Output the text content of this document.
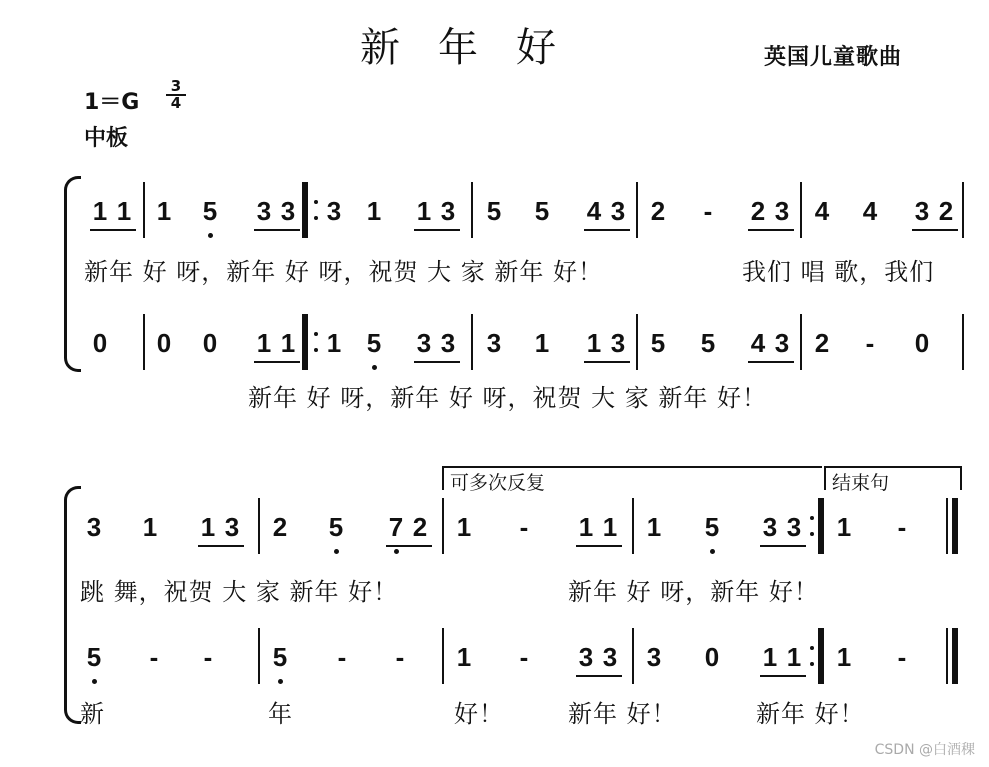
新年好	英国儿童歌曲
1＝G
3
4
中板
1 1 1 5 3 3 3 1 1 3 5 5 4 3 2 - 2 3 4 4 3 2
新年 好 呀，新年 好 呀，祝贺 大 家 新年 好！	我们 唱 歌，我们
0 0 0 1 1 1 5 3 3 3 1 1 3 5 5 4 3 2 - 0
新年 好 呀，新年 好 呀，祝贺 大 家 新年 好！
可多次反复	结束句
3 1 1 3 2 5 7 2 1 - 1 1 1 5 3 3 1 -
跳 舞，祝贺 大 家 新年 好！	新年 好 呀，新年 好！
5 - - 5 - - 1 - 3 3 3 0 1 1 1 -
新	年	好！	新年 好！	新年 好！
CSDN @白酒稞
